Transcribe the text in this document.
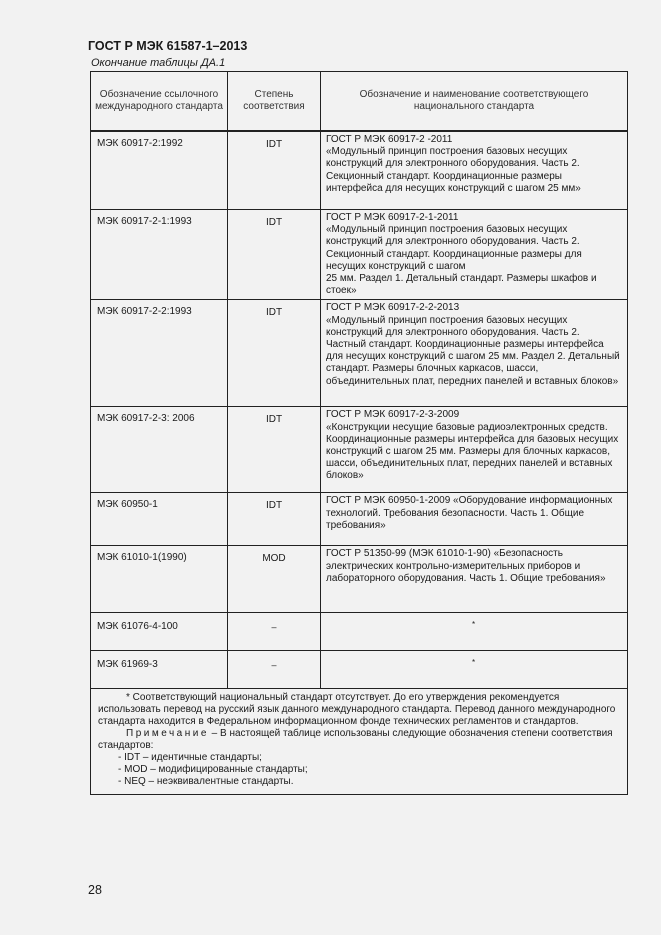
ГОСТ Р МЭК 61587-1–2013
Окончание таблицы ДА.1
Обозначение ссылочного международного стандарта	Степень соответствия	Обозначение и наименование соответствующего национального стандарта

МЭК 60917-2:1992	IDT	ГОСТ Р МЭК 60917-2 -2011
«Модульный принцип построения базовых несущих конструкций для электронного оборудования. Часть 2. Секционный стандарт. Координационные размеры интерфейса для несущих конструкций с шагом 25 мм»
МЭК 60917-2-1:1993	IDT	ГОСТ Р МЭК 60917-2-1-2011
«Модульный принцип построения базовых несущих конструкций для электронного оборудования. Часть 2. Секционный стандарт. Координационные размеры для несущих конструкций с шагом
25 мм. Раздел 1. Детальный стандарт. Размеры шкафов и стоек»
МЭК 60917-2-2:1993	IDT	ГОСТ Р МЭК 60917-2-2-2013
«Модульный принцип построения базовых несущих конструкций для электронного оборудования. Часть 2. Частный стандарт. Координационные размеры интерфейса для несущих конструкций с шагом 25 мм. Раздел 2. Детальный стандарт. Размеры блочных каркасов, шасси, объединительных плат, передних панелей и вставных блоков»
МЭК 60917-2-3: 2006	IDT	ГОСТ Р МЭК 60917-2-3-2009
«Конструкции несущие базовые радиоэлектронных средств. Координационные размеры интерфейса для базовых несущих конструкций с шагом 25 мм. Размеры для блочных каркасов, шасси, объединительных плат, передних панелей и вставных блоков»
МЭК 60950-1	IDT	ГОСТ Р МЭК 60950-1-2009 «Оборудование информационных технологий. Требования безопасности. Часть 1. Общие требования»
МЭК 61010-1(1990)	MOD	ГОСТ Р 51350-99 (МЭК 61010-1-90) «Безопасность электрических контрольно-измерительных приборов и лабораторного оборудования. Часть 1. Общие требования»
МЭК 61076-4-100	–	*
МЭК 61969-3	–	*

* Соответствующий национальный стандарт отсутствует. До его утверждения рекомендуется использовать перевод на русский язык данного международного стандарта. Перевод данного международного стандарта находится в Федеральном информационном фонде технических регламентов и стандартов.
Примечание – В настоящей таблице использованы следующие обозначения степени соответствия стандартов:
- IDT – идентичные стандарты;
- MOD – модифицированные стандарты;
- NEQ – неэквивалентные стандарты.		
28
